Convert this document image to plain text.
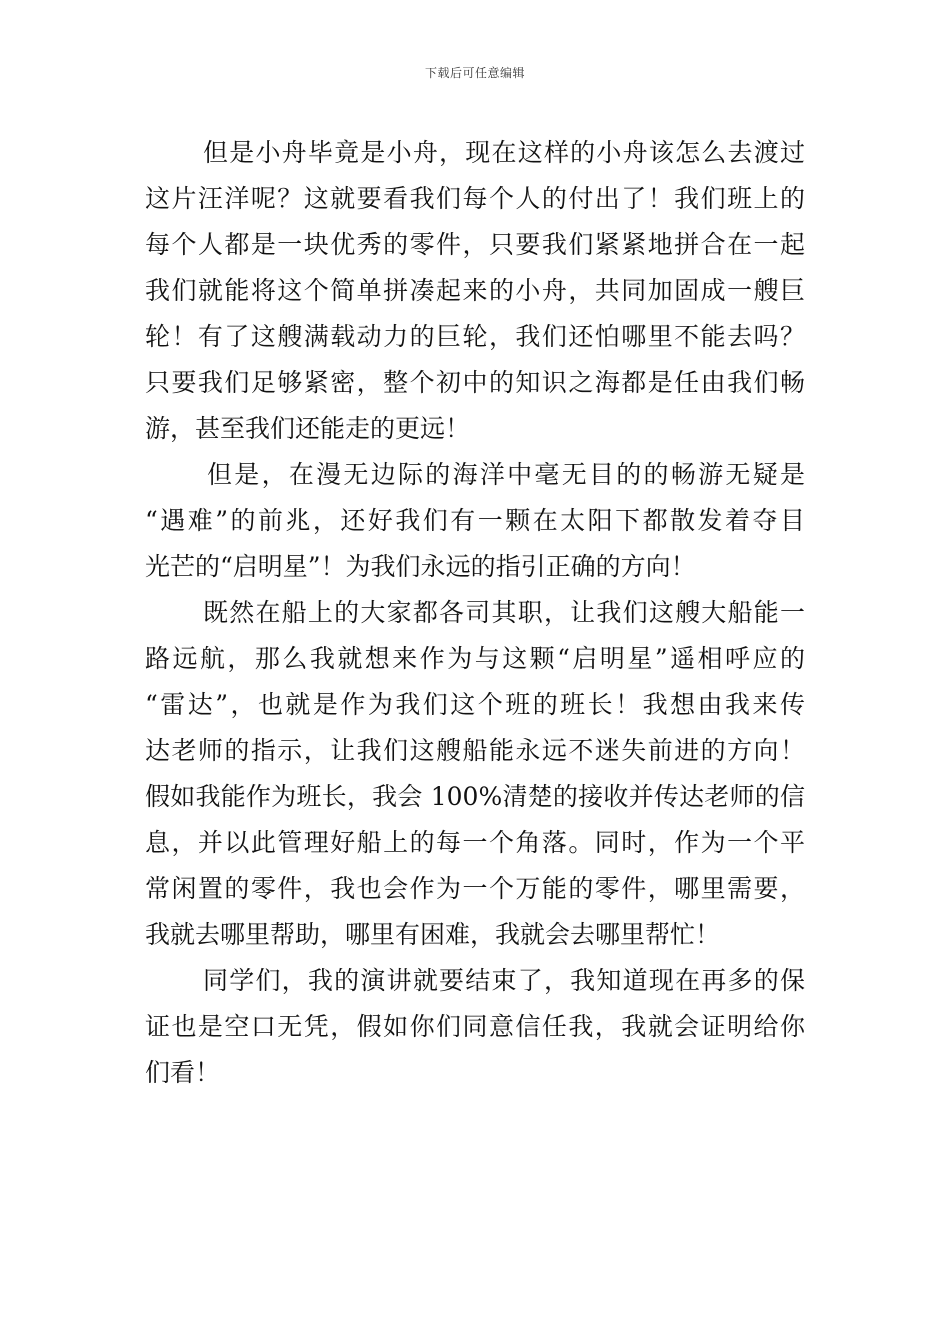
下载后可任意编辑
但是小舟毕竟是小舟，现在这样的小舟该怎么去渡过
这片汪洋呢？这就要看我们每个人的付出了！我们班上的
每个人都是一块优秀的零件，只要我们紧紧地拼合在一起
我们就能将这个简单拼凑起来的小舟，共同加固成一艘巨
轮！有了这艘满载动力的巨轮，我们还怕哪里不能去吗？
只要我们足够紧密，整个初中的知识之海都是任由我们畅
游，甚至我们还能走的更远！
但是，在漫无边际的海洋中毫无目的的畅游无疑是
“遇难”的前兆，还好我们有一颗在太阳下都散发着夺目
光芒的“启明星”！为我们永远的指引正确的方向！
既然在船上的大家都各司其职，让我们这艘大船能一
路远航，那么我就想来作为与这颗“启明星”遥相呼应的
“雷达”，也就是作为我们这个班的班长！我想由我来传
达老师的指示，让我们这艘船能永远不迷失前进的方向！
假如我能作为班长，我会 100%清楚的接收并传达老师的信
息，并以此管理好船上的每一个角落。同时，作为一个平
常闲置的零件，我也会作为一个万能的零件，哪里需要，
我就去哪里帮助，哪里有困难，我就会去哪里帮忙！
同学们，我的演讲就要结束了，我知道现在再多的保
证也是空口无凭，假如你们同意信任我，我就会证明给你
们看！
